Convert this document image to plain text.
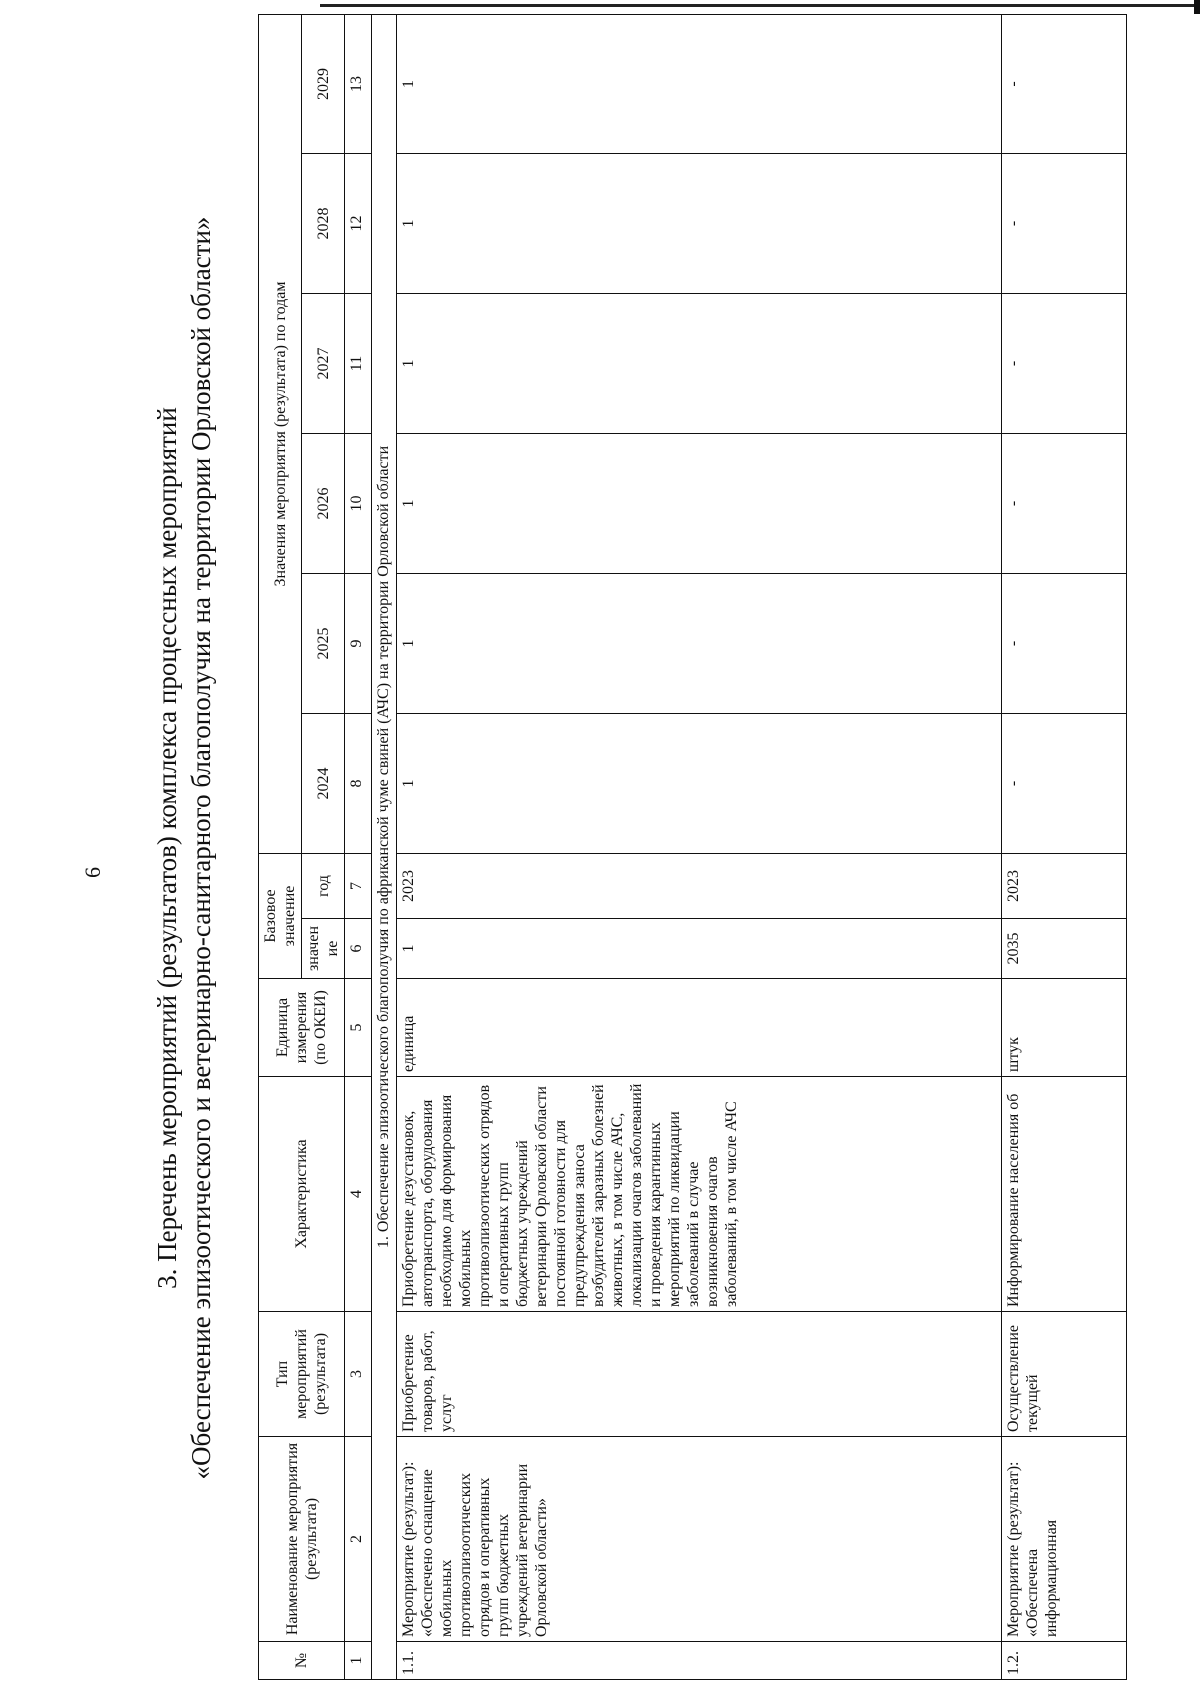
6 3. Перечень мероприятий (результатов) комплекса процессных мероприятий «Обеспечение эпизоотического и ветеринарно-санитарного благополучия на территории Орловской области»
№	Наименование мероприятия (результата)	Тип мероприятий (результата)	Характеристика	Единица измерения (по ОКЕИ)	Базовое значение		Значения мероприятия (результата) по годам					
					значен ие	год	2024	2025	2026	2027	2028	2029
1	2	3	4	5	6	7	8	9	10	11	12	13
1. Обеспечение эпизоотического благополучия по африканской чуме свиней (АЧС) на территории Орловской области												
1.1.	Мероприятие (результат): «Обеспечено оснащение мобильных противоэпизоотических отрядов и оперативных групп бюджетных учреждений ветеринарии Орловской области»	Приобретение товаров, работ, услуг	Приобретение дезустановок, автотранспорта, оборудования необходимо для формирования мобильных противоэпизоотических отрядов и оперативных групп бюджетных учреждений ветеринарии Орловской области постоянной готовности для предупреждения заноса возбудителей заразных болезней животных, в том числе АЧС, локализации очагов заболеваний и проведения карантинных мероприятий по ликвидации заболеваний в случае возникновения очагов заболеваний, в том числе АЧС	единица	1	2023	1	1	1	1	1	1
1.2.	Мероприятие (результат): «Обеспечена информационная	Осуществление текущей	Информирование населения об	штук	2035	2023	-	-	-	-	-	-
